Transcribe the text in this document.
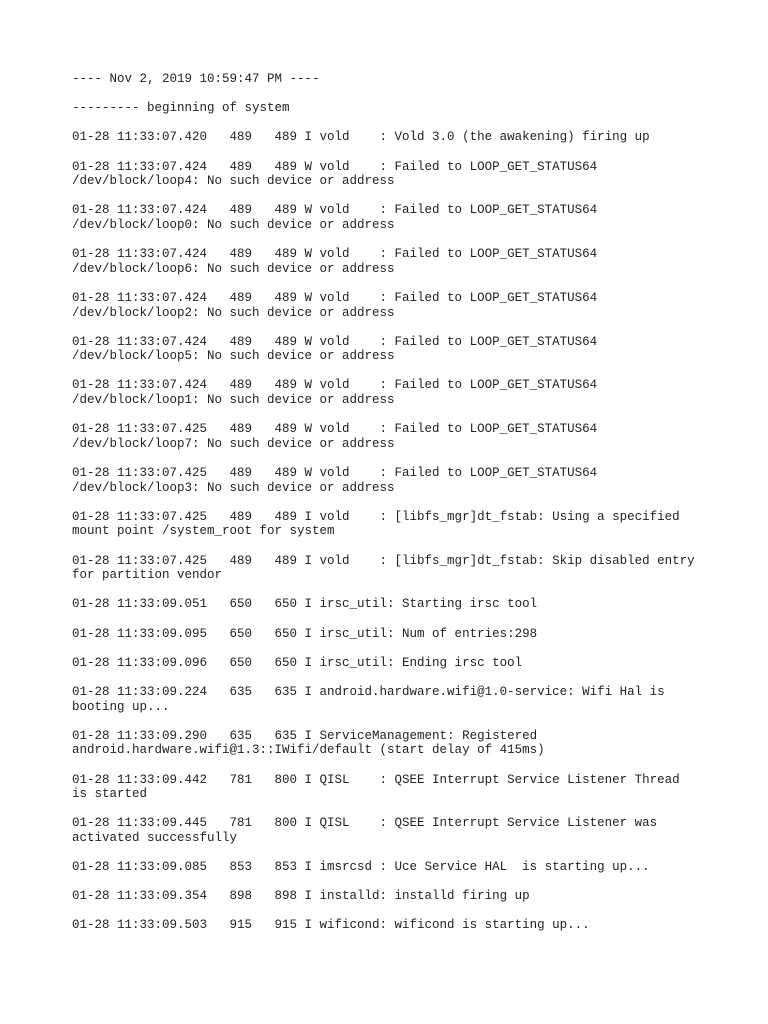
---- Nov 2, 2019 10:59:47 PM ----
--------- beginning of system
01-28 11:33:07.420   489   489 I vold    : Vold 3.0 (the awakening) firing up
01-28 11:33:07.424   489   489 W vold    : Failed to LOOP_GET_STATUS64
/dev/block/loop4: No such device or address
01-28 11:33:07.424   489   489 W vold    : Failed to LOOP_GET_STATUS64
/dev/block/loop0: No such device or address
01-28 11:33:07.424   489   489 W vold    : Failed to LOOP_GET_STATUS64
/dev/block/loop6: No such device or address
01-28 11:33:07.424   489   489 W vold    : Failed to LOOP_GET_STATUS64
/dev/block/loop2: No such device or address
01-28 11:33:07.424   489   489 W vold    : Failed to LOOP_GET_STATUS64
/dev/block/loop5: No such device or address
01-28 11:33:07.424   489   489 W vold    : Failed to LOOP_GET_STATUS64
/dev/block/loop1: No such device or address
01-28 11:33:07.425   489   489 W vold    : Failed to LOOP_GET_STATUS64
/dev/block/loop7: No such device or address
01-28 11:33:07.425   489   489 W vold    : Failed to LOOP_GET_STATUS64
/dev/block/loop3: No such device or address
01-28 11:33:07.425   489   489 I vold    : [libfs_mgr]dt_fstab: Using a specified
mount point /system_root for system
01-28 11:33:07.425   489   489 I vold    : [libfs_mgr]dt_fstab: Skip disabled entry
for partition vendor
01-28 11:33:09.051   650   650 I irsc_util: Starting irsc tool
01-28 11:33:09.095   650   650 I irsc_util: Num of entries:298
01-28 11:33:09.096   650   650 I irsc_util: Ending irsc tool
01-28 11:33:09.224   635   635 I android.hardware.wifi@1.0-service: Wifi Hal is
booting up...
01-28 11:33:09.290   635   635 I ServiceManagement: Registered
android.hardware.wifi@1.3::IWifi/default (start delay of 415ms)
01-28 11:33:09.442   781   800 I QISL    : QSEE Interrupt Service Listener Thread
is started
01-28 11:33:09.445   781   800 I QISL    : QSEE Interrupt Service Listener was
activated successfully
01-28 11:33:09.085   853   853 I imsrcsd : Uce Service HAL  is starting up...
01-28 11:33:09.354   898   898 I installd: installd firing up
01-28 11:33:09.503   915   915 I wificond: wificond is starting up...
